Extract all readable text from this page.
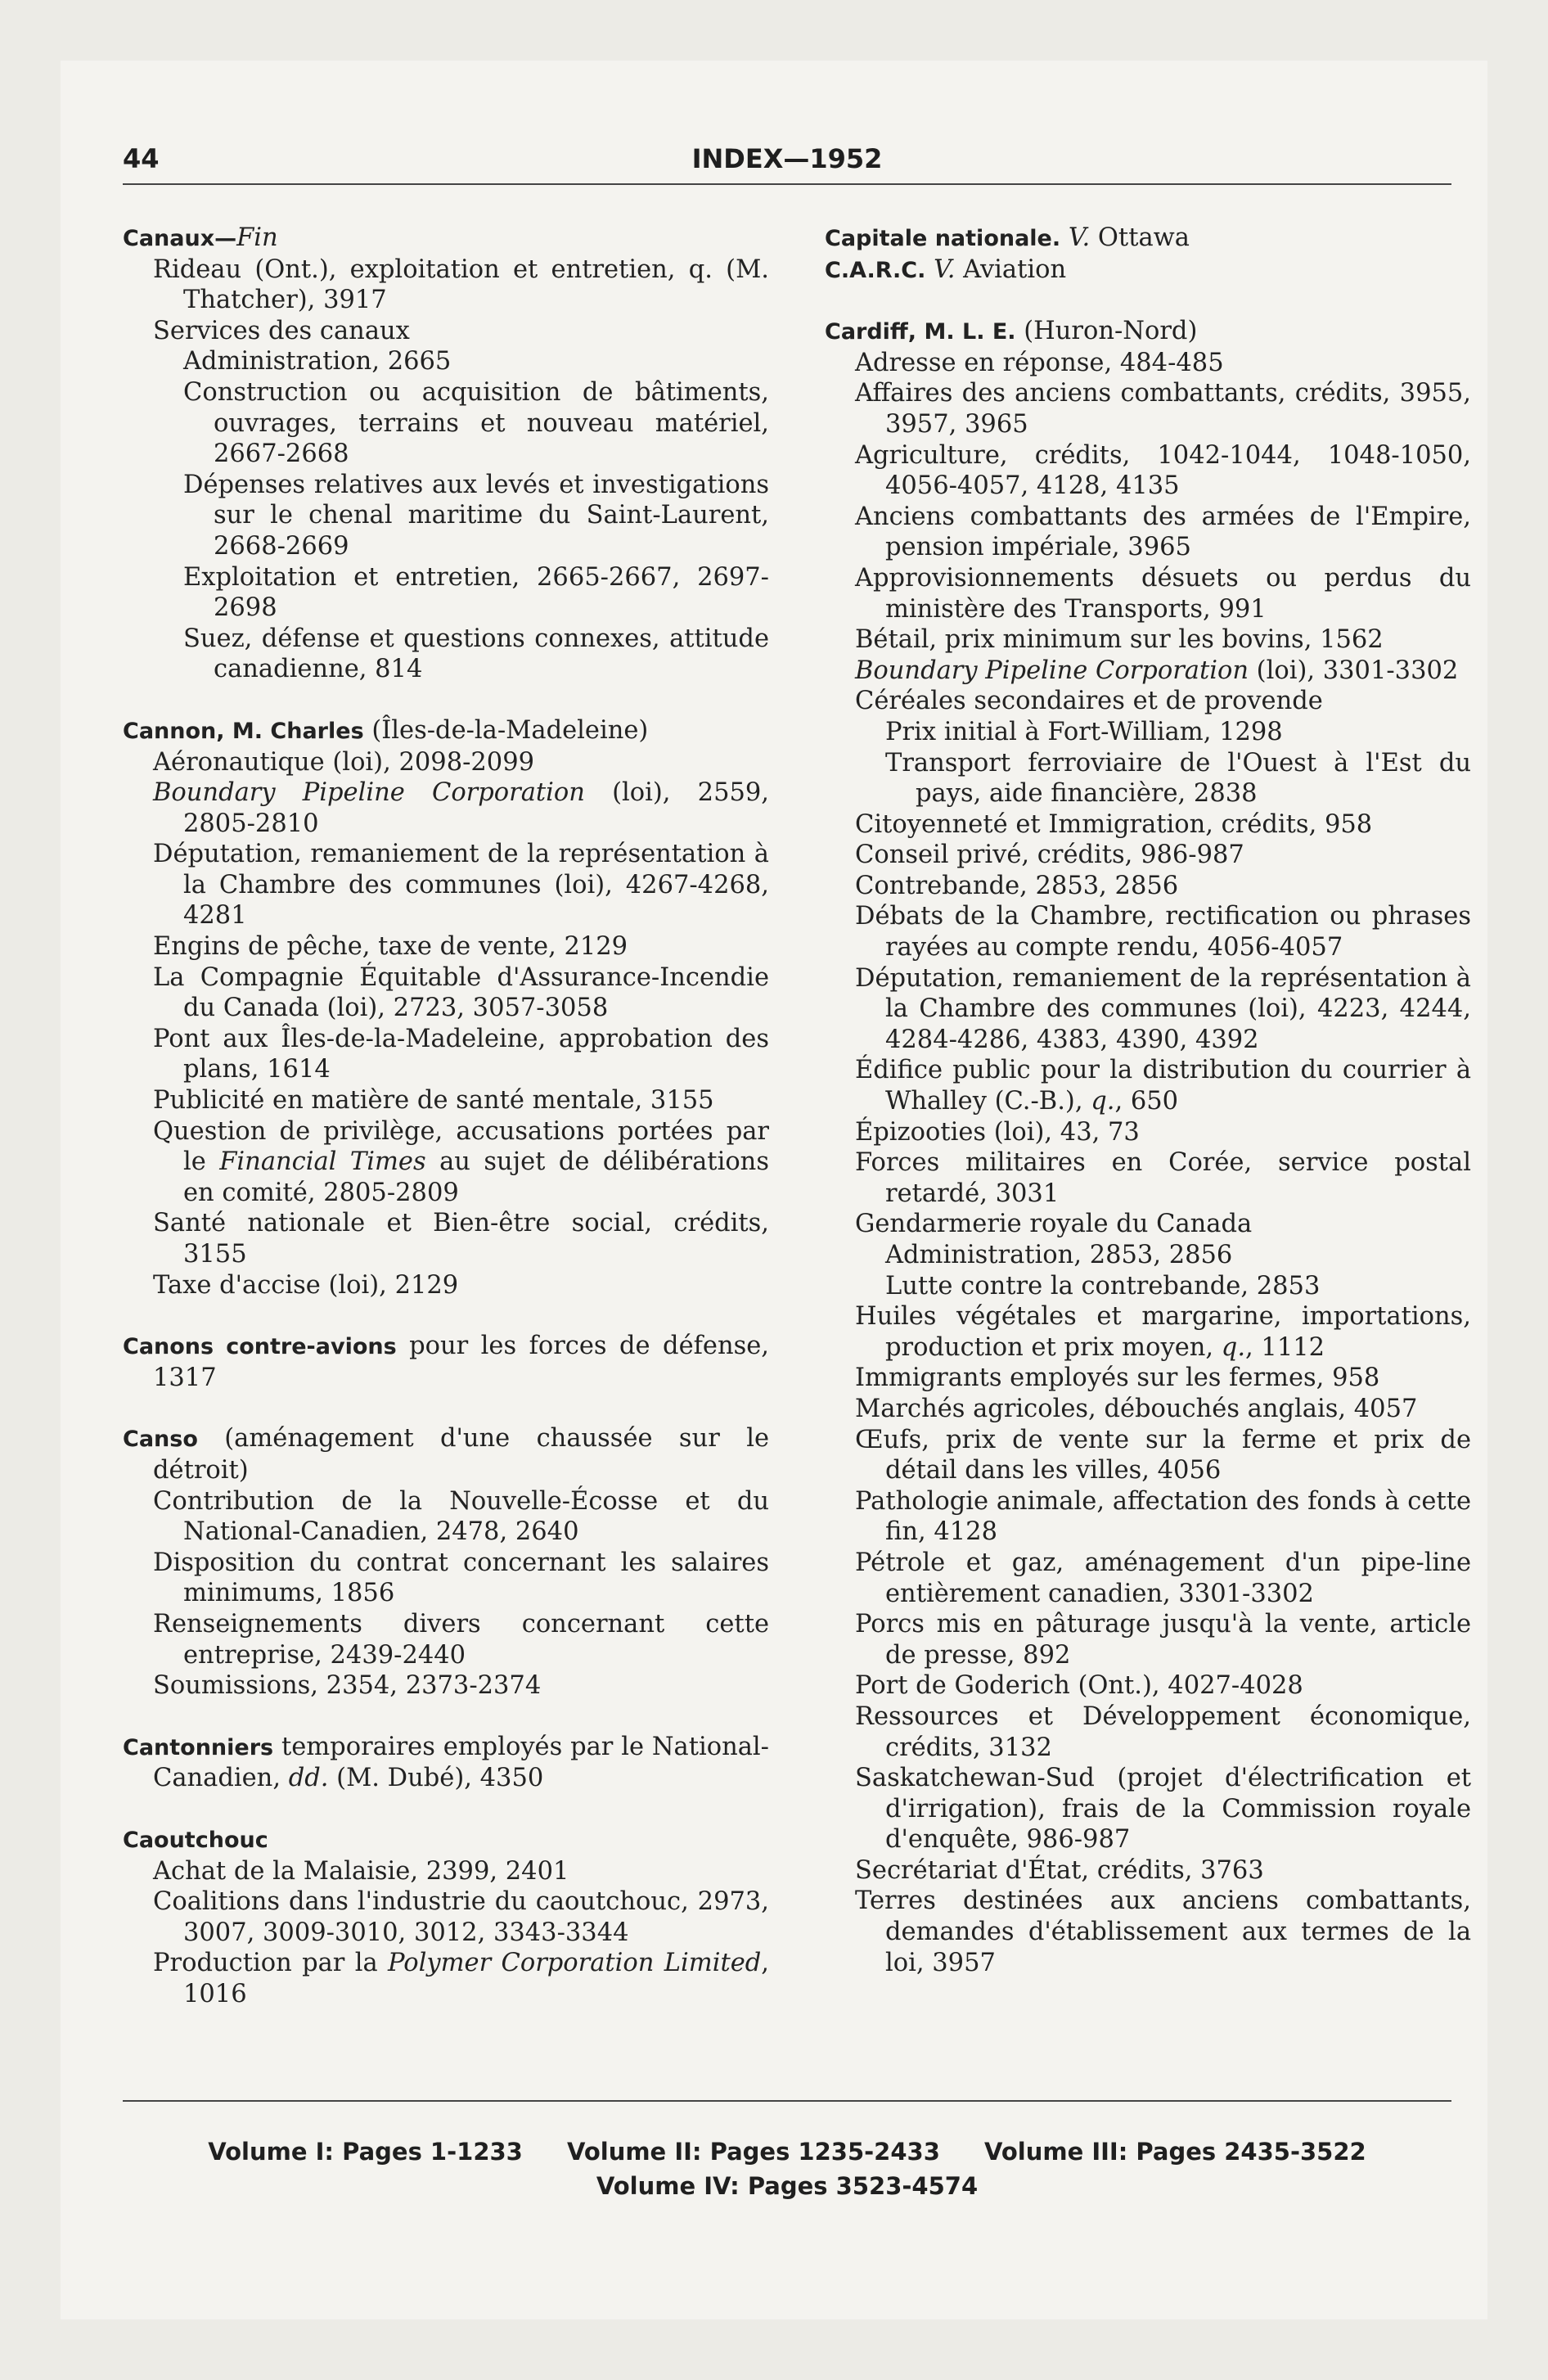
44	INDEX—1952
Canaux—Fin
Rideau (Ont.), exploitation et entretien, q. (M. Thatcher), 3917
Services des canaux
Administration, 2665
Construction ou acquisition de bâtiments, ouvrages, terrains et nouveau matériel, 2667-2668
Dépenses relatives aux levés et investigations sur le chenal maritime du Saint-Laurent, 2668-2669
Exploitation et entretien, 2665-2667, 2697-2698
Suez, défense et questions connexes, attitude canadienne, 814
Cannon, M. Charles (Îles-de-la-Madeleine)
Aéronautique (loi), 2098-2099
Boundary Pipeline Corporation (loi), 2559, 2805-2810
Députation, remaniement de la représentation à la Chambre des communes (loi), 4267-4268, 4281
Engins de pêche, taxe de vente, 2129
La Compagnie Équitable d'Assurance-Incendie du Canada (loi), 2723, 3057-3058
Pont aux Îles-de-la-Madeleine, approbation des plans, 1614
Publicité en matière de santé mentale, 3155
Question de privilège, accusations portées par le Financial Times au sujet de délibérations en comité, 2805-2809
Santé nationale et Bien-être social, crédits, 3155
Taxe d'accise (loi), 2129
Canons contre-avions pour les forces de défense, 1317
Canso (aménagement d'une chaussée sur le détroit)
Contribution de la Nouvelle-Écosse et du National-Canadien, 2478, 2640
Disposition du contrat concernant les salaires minimums, 1856
Renseignements divers concernant cette entreprise, 2439-2440
Soumissions, 2354, 2373-2374
Cantonniers temporaires employés par le National-Canadien, dd. (M. Dubé), 4350
Caoutchouc
Achat de la Malaisie, 2399, 2401
Coalitions dans l'industrie du caoutchouc, 2973, 3007, 3009-3010, 3012, 3343-3344
Production par la Polymer Corporation Limited, 1016
Capitale nationale. V. Ottawa
C.A.R.C. V. Aviation
Cardiff, M. L. E. (Huron-Nord)
Adresse en réponse, 484-485
Affaires des anciens combattants, crédits, 3955, 3957, 3965
Agriculture, crédits, 1042-1044, 1048-1050, 4056-4057, 4128, 4135
Anciens combattants des armées de l'Empire, pension impériale, 3965
Approvisionnements désuets ou perdus du ministère des Transports, 991
Bétail, prix minimum sur les bovins, 1562
Boundary Pipeline Corporation (loi), 3301-3302
Céréales secondaires et de provende
Prix initial à Fort-William, 1298
Transport ferroviaire de l'Ouest à l'Est du pays, aide financière, 2838
Citoyenneté et Immigration, crédits, 958
Conseil privé, crédits, 986-987
Contrebande, 2853, 2856
Débats de la Chambre, rectification ou phrases rayées au compte rendu, 4056-4057
Députation, remaniement de la représentation à la Chambre des communes (loi), 4223, 4244, 4284-4286, 4383, 4390, 4392
Édifice public pour la distribution du courrier à Whalley (C.-B.), q., 650
Épizooties (loi), 43, 73
Forces militaires en Corée, service postal retardé, 3031
Gendarmerie royale du Canada
Administration, 2853, 2856
Lutte contre la contrebande, 2853
Huiles végétales et margarine, importations, production et prix moyen, q., 1112
Immigrants employés sur les fermes, 958
Marchés agricoles, débouchés anglais, 4057
Œufs, prix de vente sur la ferme et prix de détail dans les villes, 4056
Pathologie animale, affectation des fonds à cette fin, 4128
Pétrole et gaz, aménagement d'un pipe-line entièrement canadien, 3301-3302
Porcs mis en pâturage jusqu'à la vente, article de presse, 892
Port de Goderich (Ont.), 4027-4028
Ressources et Développement économique, crédits, 3132
Saskatchewan-Sud (projet d'électrification et d'irrigation), frais de la Commission royale d'enquête, 986-987
Secrétariat d'État, crédits, 3763
Terres destinées aux anciens combattants, demandes d'établissement aux termes de la loi, 3957
Volume I: Pages 1-1233 Volume II: Pages 1235-2433 Volume III: Pages 2435-3522
Volume IV: Pages 3523-4574
